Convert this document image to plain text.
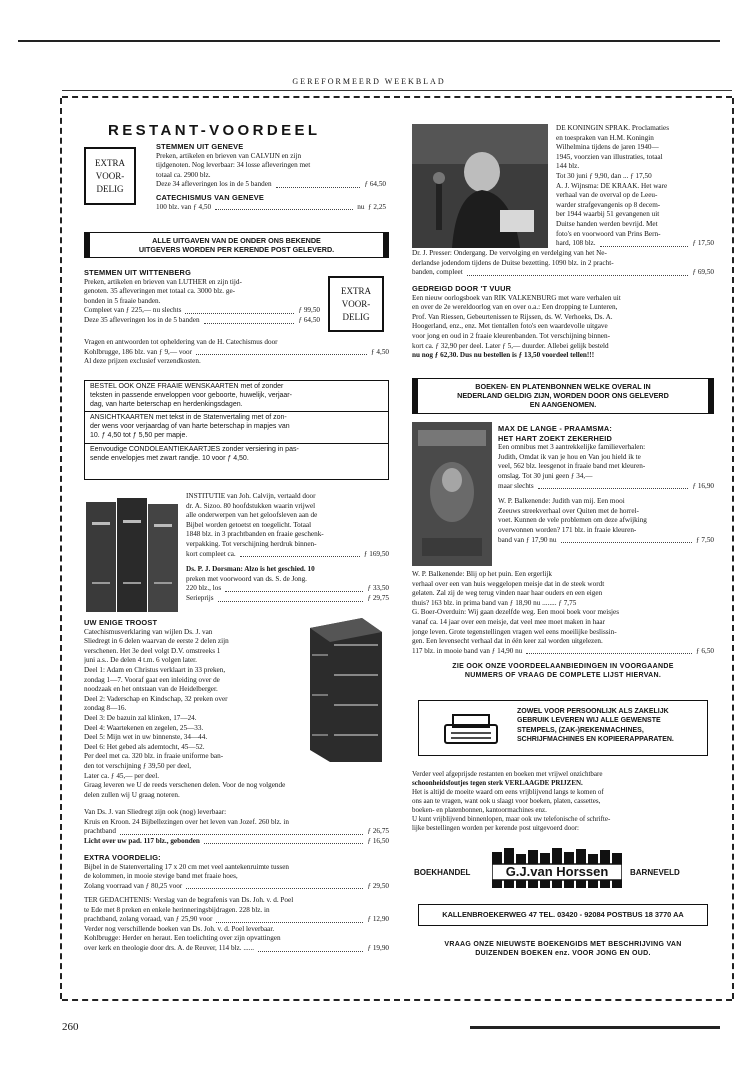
GEREFORMEERD WEEKBLAD
RESTANT-VOORDEEL
EXTRA
VOOR-
DELIG
STEMMEN UIT GENEVE
Preken, artikelen en brieven van CALVIJN en zijn
tijdgenoten. Nog leverbaar: 34 losse afleveringen met
totaal ca. 2900 blz.
Deze 34 afleveringen los in de 5 banden	ƒ 64,50
CATECHISMUS VAN GENEVE
100 blz. van ƒ 4,50	nu
ƒ 2,25
ALLE UITGAVEN VAN DE ONDER ONS BEKENDE
UITGEVERS WORDEN PER KERENDE POST GELEVERD.
STEMMEN UIT WITTENBERG
Preken, artikelen en brieven van LUTHER en zijn tijd-
genoten. 35 afleveringen met totaal ca. 3000 blz. ge-
bonden in 5 fraaie banden.
Compleet van ƒ 225,— nu slechts	ƒ 99,50
Deze 35 afleveringen los in de 5 banden	ƒ 64,50
EXTRA
VOOR-
DELIG
Vragen en antwoorden tot opheldering van de H. Catechismus door
Kohlbrugge, 186 blz. van ƒ 9,— voor	ƒ 4,50
Al deze prijzen exclusief verzendkosten.
BESTEL OOK ONZE FRAAIE WENSKAARTEN met of zonder
teksten in passende enveloppen voor geboorte, huwelijk, verjaar-
dag, van harte beterschap en herdenkingsdagen.
ANSICHTKAARTEN met tekst in de Statenvertaling met of zon-
der wens voor verjaardag of van harte beterschap in mapjes van
10. ƒ 4,50 tot ƒ 5,50 per mapje.
Eenvoudige CONDOLEANTIEKAARTJES zonder versiering in pas-
sende envelopjes met zwart randje. 10 voor ƒ 4,50.
INSTITUTIE van Joh. Calvijn, vertaald door
dr. A. Sizoo. 80 hoofdstukken waarin vrijwel
alle onderwerpen van het geloofsleven aan de
Bijbel worden getoetst en toegelicht. Totaal
1848 blz. in 3 prachtbanden en fraaie geschenk-
verpakking. Tot verschijning herdruk binnen-
kort compleet ca.	ƒ 169,50
Ds. P. J. Dorsman: Alzo is het geschied. 10
preken met voorwoord van ds. S. de Jong.
220 blz., los	ƒ 33,50
Serieprijs	ƒ 29,75
UW ENIGE TROOST
Catechismusverklaring van wijlen Ds. J. van
Sliedregt in 6 delen waarvan de eerste 2 delen zijn
verschenen. Het 3e deel volgt D.V. omstreeks 1
juni a.s.. De delen 4 t.m. 6 volgen later.
Deel 1: Adam en Christus verklaart in 33 preken,
zondag 1—7. Vooraf gaat een inleiding over de
noodzaak en het ontstaan van de Heidelberger.
Deel 2: Vaderschap en Kindschap, 32 preken over
zondag 8—16.
Deel 3: De bazuin zal klinken, 17—24.
Deel 4: Waartekenen en zegelen, 25—33.
Deel 5: Mijn wet in uw binnenste, 34—44.
Deel 6: Het gebed als ademtocht, 45—52.
Per deel met ca. 320 blz. in fraaie uniforme ban-
den tot verschijning ƒ 39,50 per deel,
Later ca. ƒ 45,— per deel.
Graag leveren we U de reeds verschenen delen. Voor de nog volgende
delen zullen wij U graag noteren.
Van Ds. J. van Sliedregt zijn ook (nog) leverbaar:
Kruis en Kroon. 24 Bijbellezingen over het leven van Jozef. 260 blz. in
prachtband	ƒ 26,75
Licht over uw pad. 117 blz., gebonden	ƒ 16,50
EXTRA VOORDELIG:
Bijbel in de Statenvertaling 17 x 20 cm met veel aantekenruimte tussen
de kolommen, in mooie stevige band met fraaie hoes,
Zolang voorraad van ƒ 80,25 voor	ƒ 29,50
TER GEDACHTENIS: Verslag van de begrafenis van Ds. Joh. v. d. Poel
te Ede met 8 preken en enkele herinneringsbijdragen. 228 blz. in
prachtband, zolang voraad, van ƒ 25,90 voor	ƒ 12,90
Verder nog verschillende boeken van Ds. Joh. v. d. Poel leverbaar.
Kohlbrugge: Herder en heraut. Een toelichting over zijn opvattingen
over kerk en theologie door drs. A. de Reuver, 114 blz. ......	ƒ 19,90
DE KONINGIN SPRAK. Proclamaties
en toespraken van H.M. Koningin
Wilhelmina tijdens de jaren 1940—
1945, voorzien van illustraties, totaal
144 blz.
Tot 30 juni ƒ 9,90, dan ... ƒ 17,50
A. J. Wijnsma: DE KRAAK. Het ware
verhaal van de overval op de Leeu-
warder strafgevangenis op 8 decem-
ber 1944 waarbij 51 gevangenen uit
Duitse handen werden bevrijd. Met
foto's en voorwoord van Prins Bern-
hard, 108 blz.	ƒ 17,50
Dr. J. Presser: Ondergang. De vervolging en verdelging van het Ne-
derlandse jodendom tijdens de Duitse bezetting. 1090 blz. in 2 pracht-
banden, compleet	ƒ 69,50
GEDREIGD DOOR 'T VUUR
Een nieuw oorlogsboek van RIK VALKENBURG met ware verhalen uit
en over de 2e wereldoorlog van en over o.a.: Een dropping te Lunteren,
Prof. Van Riessen, Gebeurtenissen te Rijssen, ds. W. Verhoeks, Ds. A.
Hoogerland, enz., enz. Met tientallen foto's een waardevolle uitgave
voor jong en oud in 2 fraaie kleurenbanden. Tot verschijning binnen-
kort ca. ƒ 32,90 per deel. Later ƒ 5,— duurder. Allebei gelijk besteld
nu nog ƒ 62,30. Dus nu bestellen is ƒ 13,50 voordeel tellen!!!
BOEKEN- EN PLATENBONNEN WELKE OVERAL IN
NEDERLAND GELDIG ZIJN, WORDEN DOOR ONS GELEVERD
EN AANGENOMEN.
MAX DE LANGE - PRAAMSMA:
HET HART ZOEKT ZEKERHEID
Een omnibus met 3 aantrekkelijke familieverhalen:
Judith, Omdat ik van je hou en Van jou hield ik te
veel, 562 blz. leesgenot in fraaie band met kleuren-
omslag. Tot 30 juni geen ƒ 34,—
maar slechts	ƒ 16,90
W. P. Balkenende: Judith van mij. Een mooi
Zeeuws streekverhaal over Quiten met de horrel-
voet. Kunnen de vele problemen om deze afwijking
overwonnen worden? 171 blz. in fraaie kleuren-
band van ƒ 17,90 nu	ƒ 7,50
W. P. Balkenende: Blij op het puin. Een ergerlijk
verhaal over een van huis weggelopen meisje dat in de steek wordt
gelaten. Zal zij de weg terug vinden naar haar ouders en een eigen
thuis? 163 blz. in prima band van ƒ 18,90 nu ........ ƒ 7,75
G. Boer-Overduin: Wij gaan dezelfde weg. Een mooi boek voor meisjes
vanaf ca. 14 jaar over een meisje, dat veel mee moet maken in haar
jonge leven. Grote tegenstellingen vragen wel eens moeilijke beslissin-
gen. Een levensecht verhaal dat in één keer zal worden uitgelezen.
117 blz. in mooie band van ƒ 14,90 nu	ƒ 6,50
ZIE OOK ONZE VOORDEELAANBIEDINGEN IN VOORGAANDE
NUMMERS OF VRAAG DE COMPLETE LIJST HIERVAN.
ZOWEL VOOR PERSOONLIJK ALS ZAKELIJK
GEBRUIK LEVEREN WIJ ALLE GEWENSTE
STEMPELS, (ZAK-)REKENMACHINES,
SCHRIJFMACHINES EN KOPIEERAPPARATEN.
Verder veel afgeprijsde restanten en boeken met vrijwel onzichtbare
schoonheidsfoutjes tegen sterk VERLAAGDE PRIJZEN.
Het is altijd de moeite waard om eens vrijblijvend langs te komen of
ons aan te vragen, want ook u slaagt voor boeken, platen, cassettes,
boeken- en platenbonnen, kantoormachines enz.
U kunt vrijblijvend binnenlopen, maar ook uw telefonische of schrifte-
lijke bestellingen worden per kerende post uitgevoerd door:
BOEKHANDEL	G.J.van Horssen	BARNEVELD
KALLENBROEKERWEG 47 TEL. 03420 - 92084 POSTBUS 18 3770 AA
VRAAG ONZE NIEUWSTE BOEKENGIDS MET BESCHRIJVING VAN
DUIZENDEN BOEKEN enz. VOOR JONG EN OUD.
260
